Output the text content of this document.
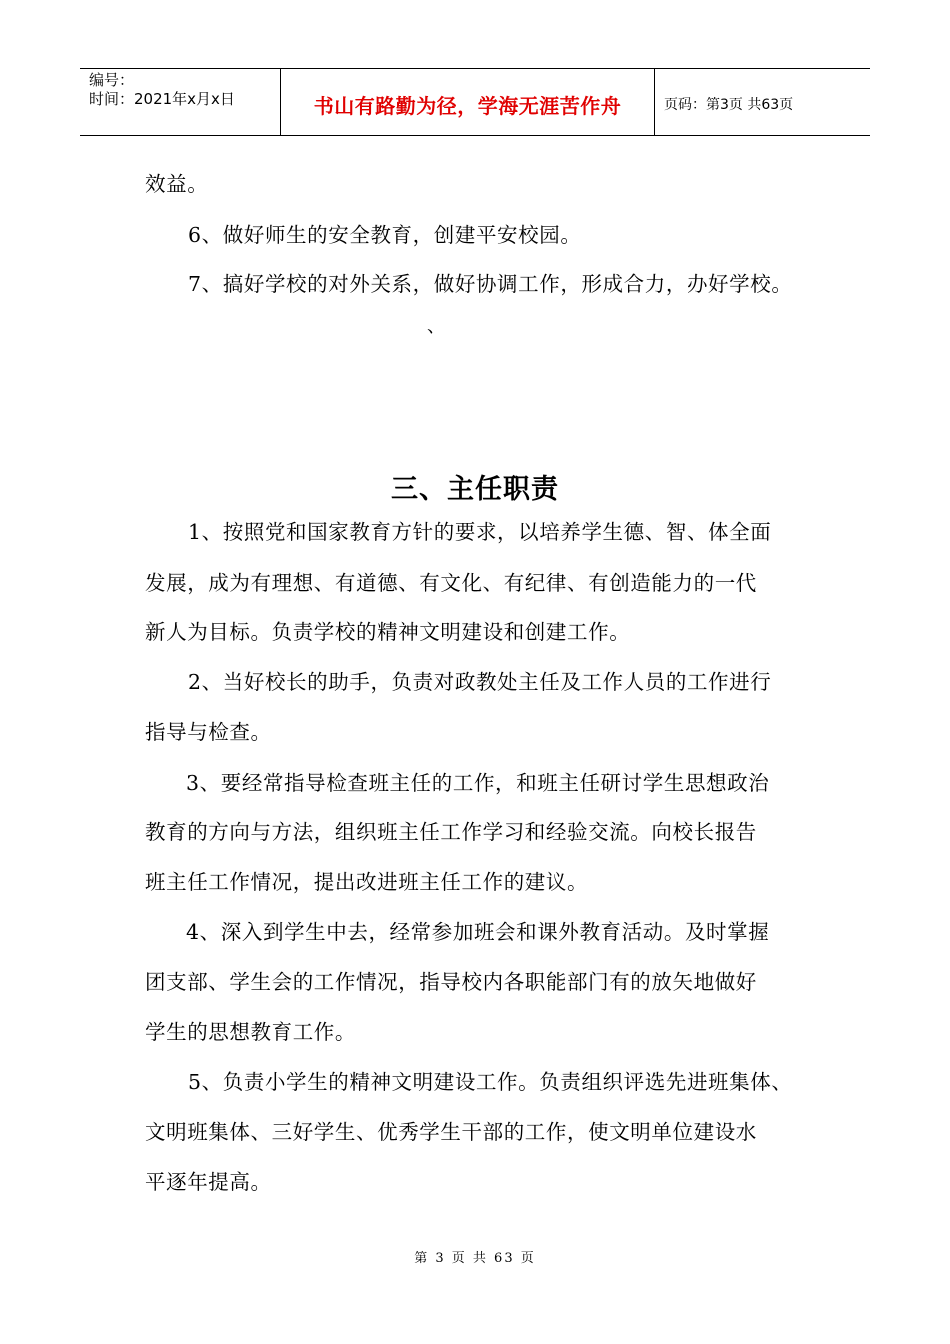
编号：
时间：2021年x月x日	书山有路勤为径，学海无涯苦作舟	页码：第3页 共63页
效益。
6、做好师生的安全教育，创建平安校园。
7、搞好学校的对外关系，做好协调工作，形成合力，办好学校。
、
三、主任职责
1、按照党和国家教育方针的要求，以培养学生德、智、体全面
发展，成为有理想、有道德、有文化、有纪律、有创造能力的一代
新人为目标。负责学校的精神文明建设和创建工作。
2、当好校长的助手，负责对政教处主任及工作人员的工作进行
指导与检查。
3、要经常指导检查班主任的工作，和班主任研讨学生思想政治
教育的方向与方法，组织班主任工作学习和经验交流。向校长报告
班主任工作情况，提出改进班主任工作的建议。
4、深入到学生中去，经常参加班会和课外教育活动。及时掌握
团支部、学生会的工作情况，指导校内各职能部门有的放矢地做好
学生的思想教育工作。
5、负责小学生的精神文明建设工作。负责组织评选先进班集体、
文明班集体、三好学生、优秀学生干部的工作，使文明单位建设水
平逐年提高。
第 3 页 共 63 页
